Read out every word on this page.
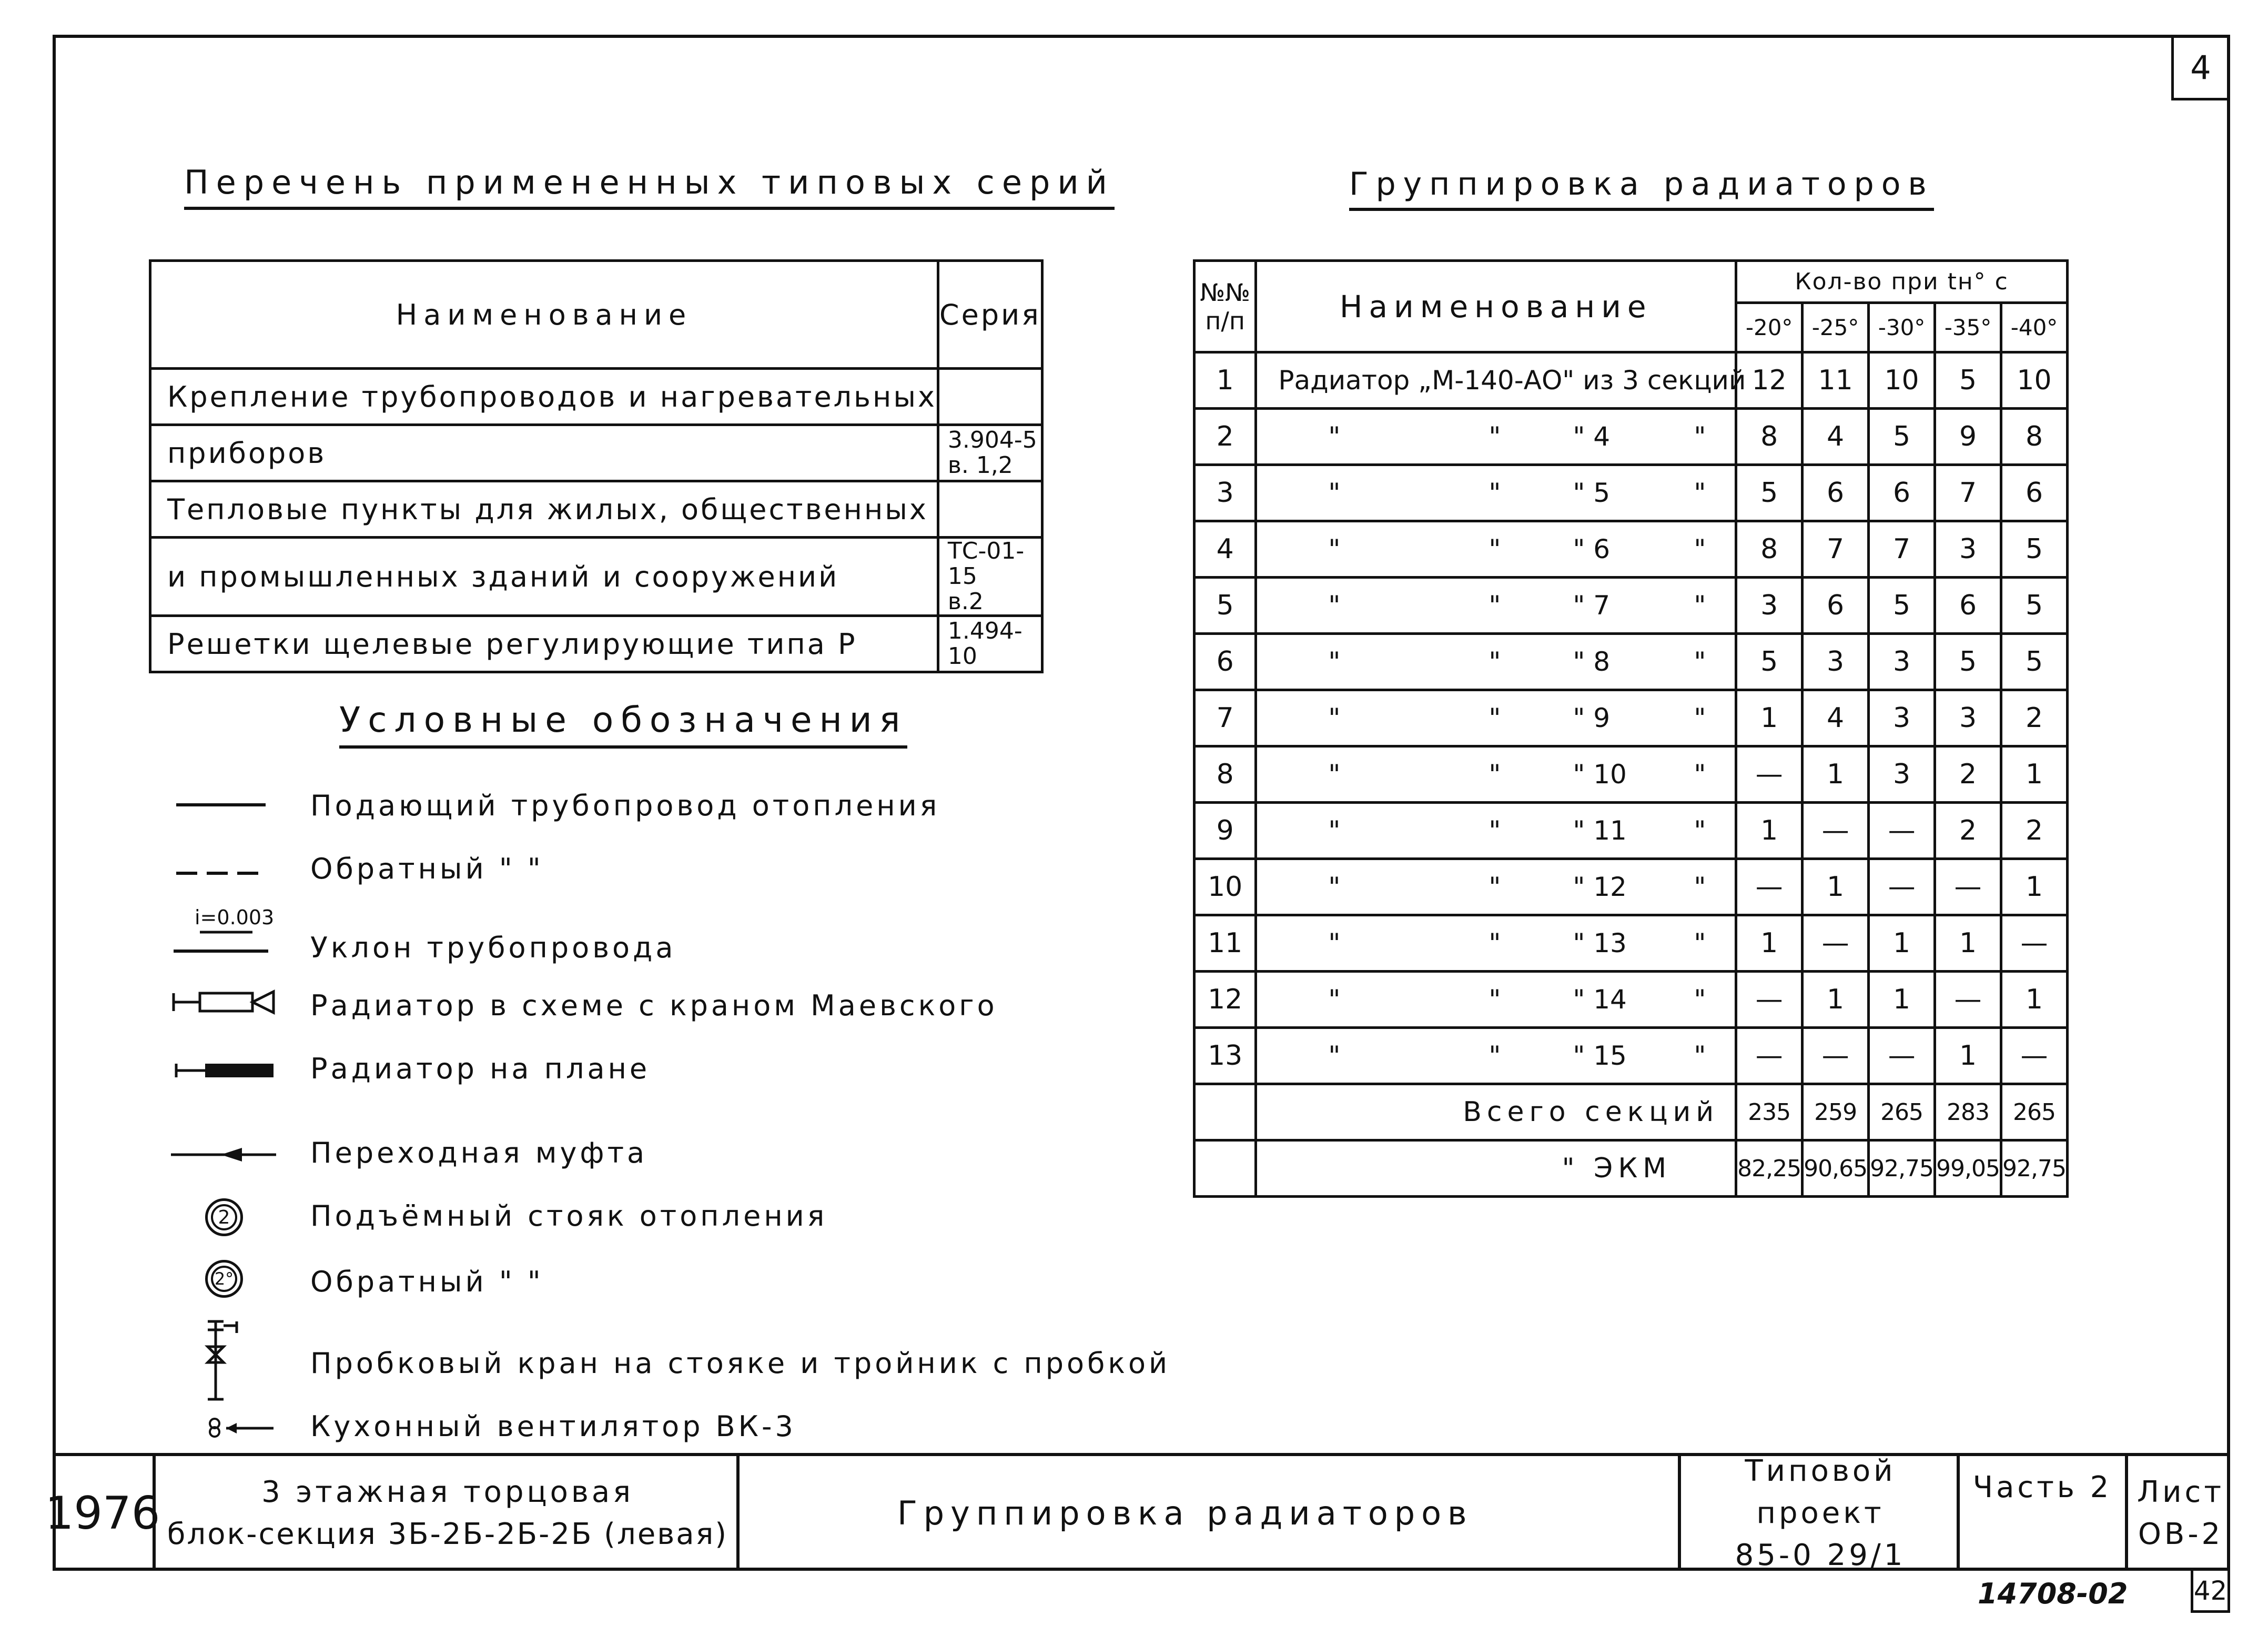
4
Перечень примененных типовых серий
Наименование	Серия
Крепление трубопроводов и нагревательных	
приборов	3.904-5
в. 1,2
Тепловые пункты для жилых, общественных	
и промышленных зданий и сооружений	ТС-01-15
в.2
Решетки щелевые регулирующие типа Р	1.494-10
Условные обозначения
Подающий трубопровод отопления
Обратный " "
i=0.003
Уклон трубопровода
Радиатор в схеме с краном Маевского
Радиатор на плане
Переходная муфта
2	Подъёмный стояк отопления
2°	Обратный " "
Пробковый кран на стояке и тройник с пробкой
Кухонный вентилятор ВК-3
Группировка радиаторов
№№
п/п	Наименование	Кол-во при tн° с				
		-20°	-25°	-30°	-35°	-40°
1	Радиатор „М-140-АО" из 3 секций	12	11	10	5	10
2	" " " 4 "	8	4	5	9	8
3	" " " 5 "	5	6	6	7	6
4	" " " 6 "	8	7	7	3	5
5	" " " 7 "	3	6	5	6	5
6	" " " 8 "	5	3	3	5	5
7	" " " 9 "	1	4	3	3	2
8	" " " 10 "	—	1	3	2	1
9	" " " 11 "	1	—	—	2	2
10	" " " 12 "	—	1	—	—	1
11	" " " 13 "	1	—	1	1	—
12	" " " 14 "	—	1	1	—	1
13	" " " 15 "	—	—	—	1	—
	Всего секций	235	259	265	283	265
	" ЭКМ	82,25	90,65	92,75	99,05	92,75
1976	3 этажная торцовая
блок-секция 3Б-2Б-2Б-2Б (левая)
Группировка радиаторов
Типовой проект
85-0 29/1
Часть 2 Лист
ОВ-2
14708-02	42
